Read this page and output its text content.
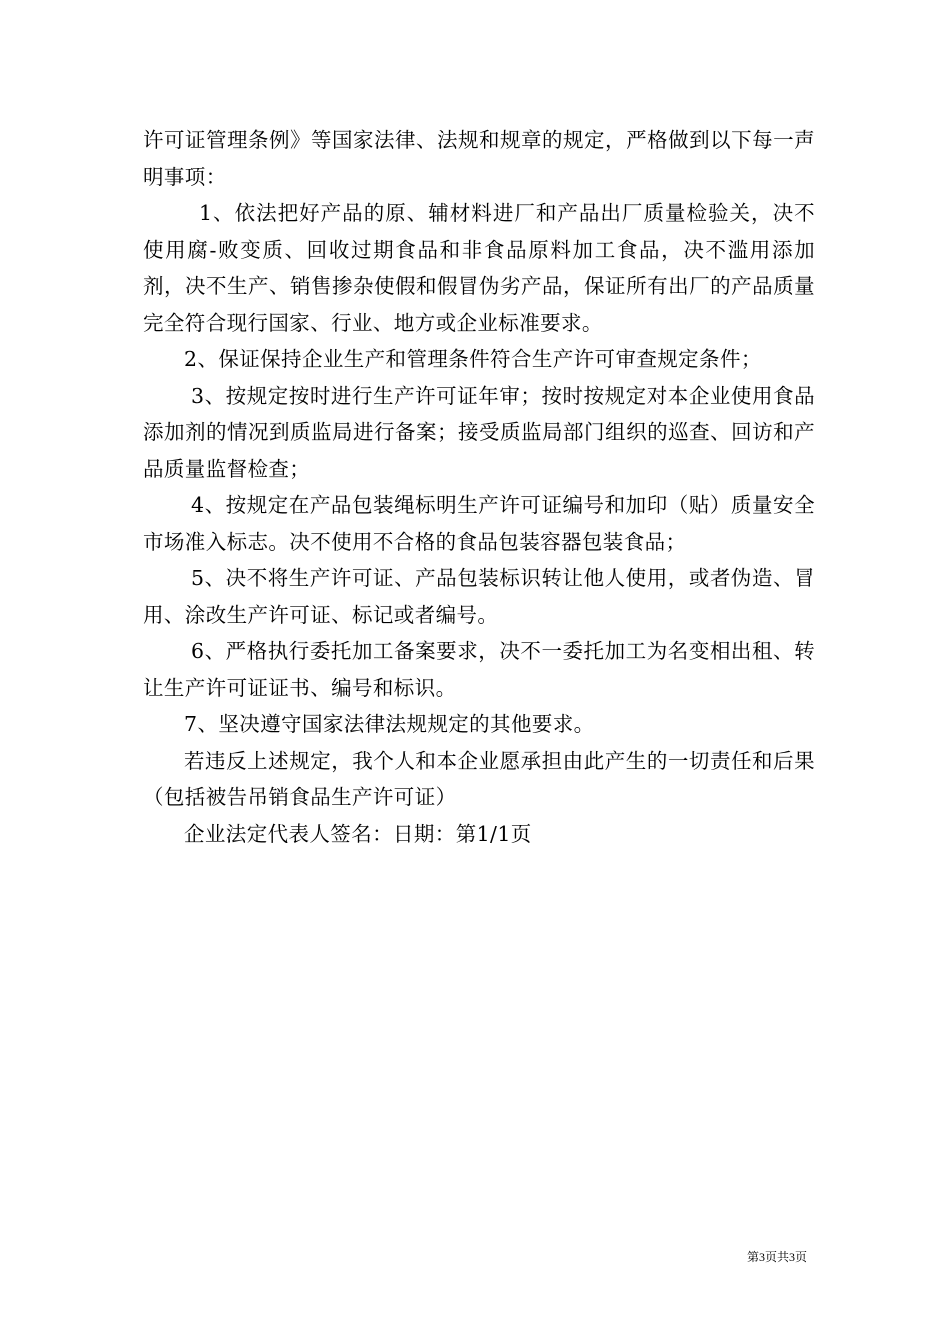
许可证管理条例》等国家法律、法规和规章的规定，严格做到以下每一声明事项：

1、依法把好产品的原、辅材料进厂和产品出厂质量检验关，决不使用腐-败变质、回收过期食品和非食品原料加工食品，决不滥用添加剂，决不生产、销售掺杂使假和假冒伪劣产品，保证所有出厂的产品质量完全符合现行国家、行业、地方或企业标准要求。

2、保证保持企业生产和管理条件符合生产许可审查规定条件；

3、按规定按时进行生产许可证年审；按时按规定对本企业使用食品添加剂的情况到质监局进行备案；接受质监局部门组织的巡查、回访和产品质量监督检查；

4、按规定在产品包装绳标明生产许可证编号和加印（贴）质量安全市场准入标志。决不使用不合格的食品包装容器包装食品；

5、决不将生产许可证、产品包装标识转让他人使用，或者伪造、冒用、涂改生产许可证、标记或者编号。

6、严格执行委托加工备案要求，决不一委托加工为名变相出租、转让生产许可证证书、编号和标识。

7、坚决遵守国家法律法规规定的其他要求。

若违反上述规定，我个人和本企业愿承担由此产生的一切责任和后果（包括被告吊销食品生产许可证）

企业法定代表人签名：日期：第1/1页

第3页共3页
